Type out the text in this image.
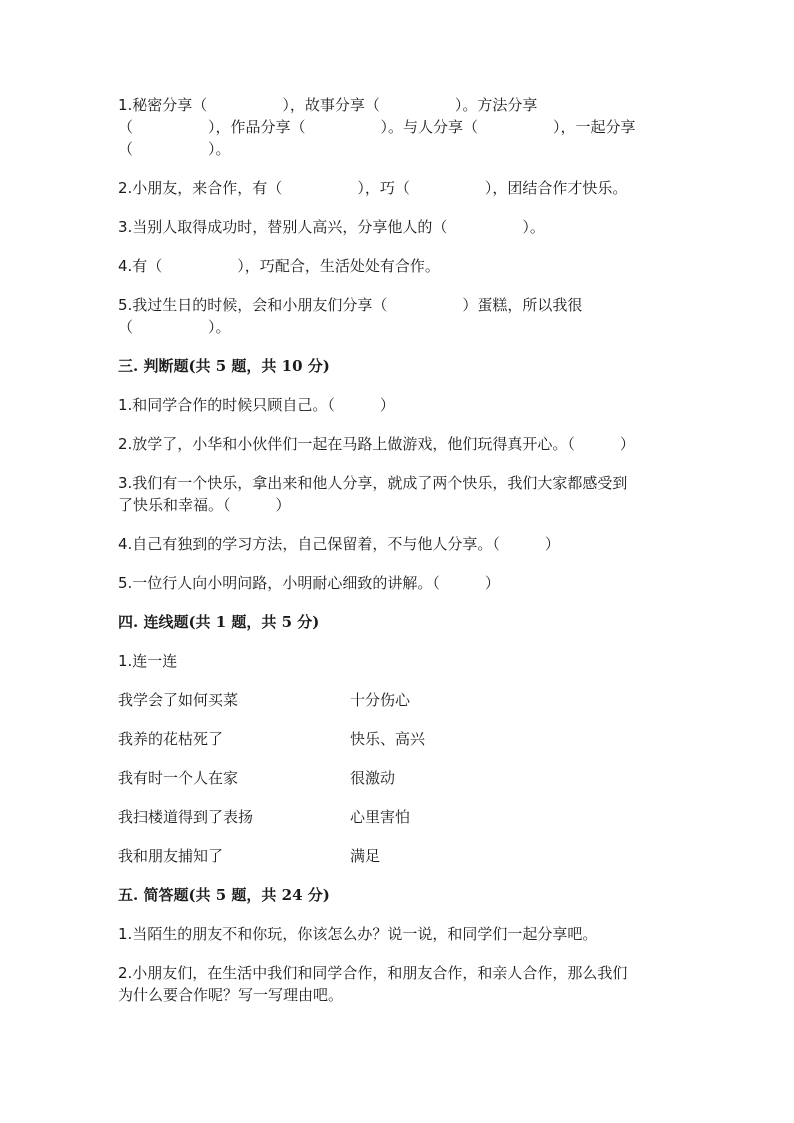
1.秘密分享（　　　　　），故事分享（　　　　　）。方法分享

（　　　　　），作品分享（　　　　　）。与人分享（　　　　　），一起分享

（　　　　　）。

2.小朋友，来合作，有（　　　　　），巧（　　　　　），团结合作才快乐。

3.当别人取得成功时，替别人高兴，分享他人的（　　　　　）。

4.有（　　　　　），巧配合，生活处处有合作。

5.我过生日的时候，会和小朋友们分享（　　　　　）蛋糕，所以我很

（　　　　　）。

三. 判断题(共 5 题，共 10 分)

1.和同学合作的时候只顾自己。（　　　）

2.放学了，小华和小伙伴们一起在马路上做游戏，他们玩得真开心。（　　　）

3.我们有一个快乐，拿出来和他人分享，就成了两个快乐，我们大家都感受到

了快乐和幸福。（　　　）

4.自己有独到的学习方法，自己保留着，不与他人分享。（　　　）

5.一位行人向小明问路，小明耐心细致的讲解。（　　　）

四. 连线题(共 1 题，共 5 分)

1.连一连

我学会了如何买菜	十分伤心
我养的花枯死了	快乐、高兴
我有时一个人在家	很激动
我扫楼道得到了表扬	心里害怕
我和朋友捕知了	满足
五. 简答题(共 5 题，共 24 分)

1.当陌生的朋友不和你玩，你该怎么办？说一说，和同学们一起分享吧。

2.小朋友们，在生活中我们和同学合作，和朋友合作，和亲人合作，那么我们

为什么要合作呢？写一写理由吧。
